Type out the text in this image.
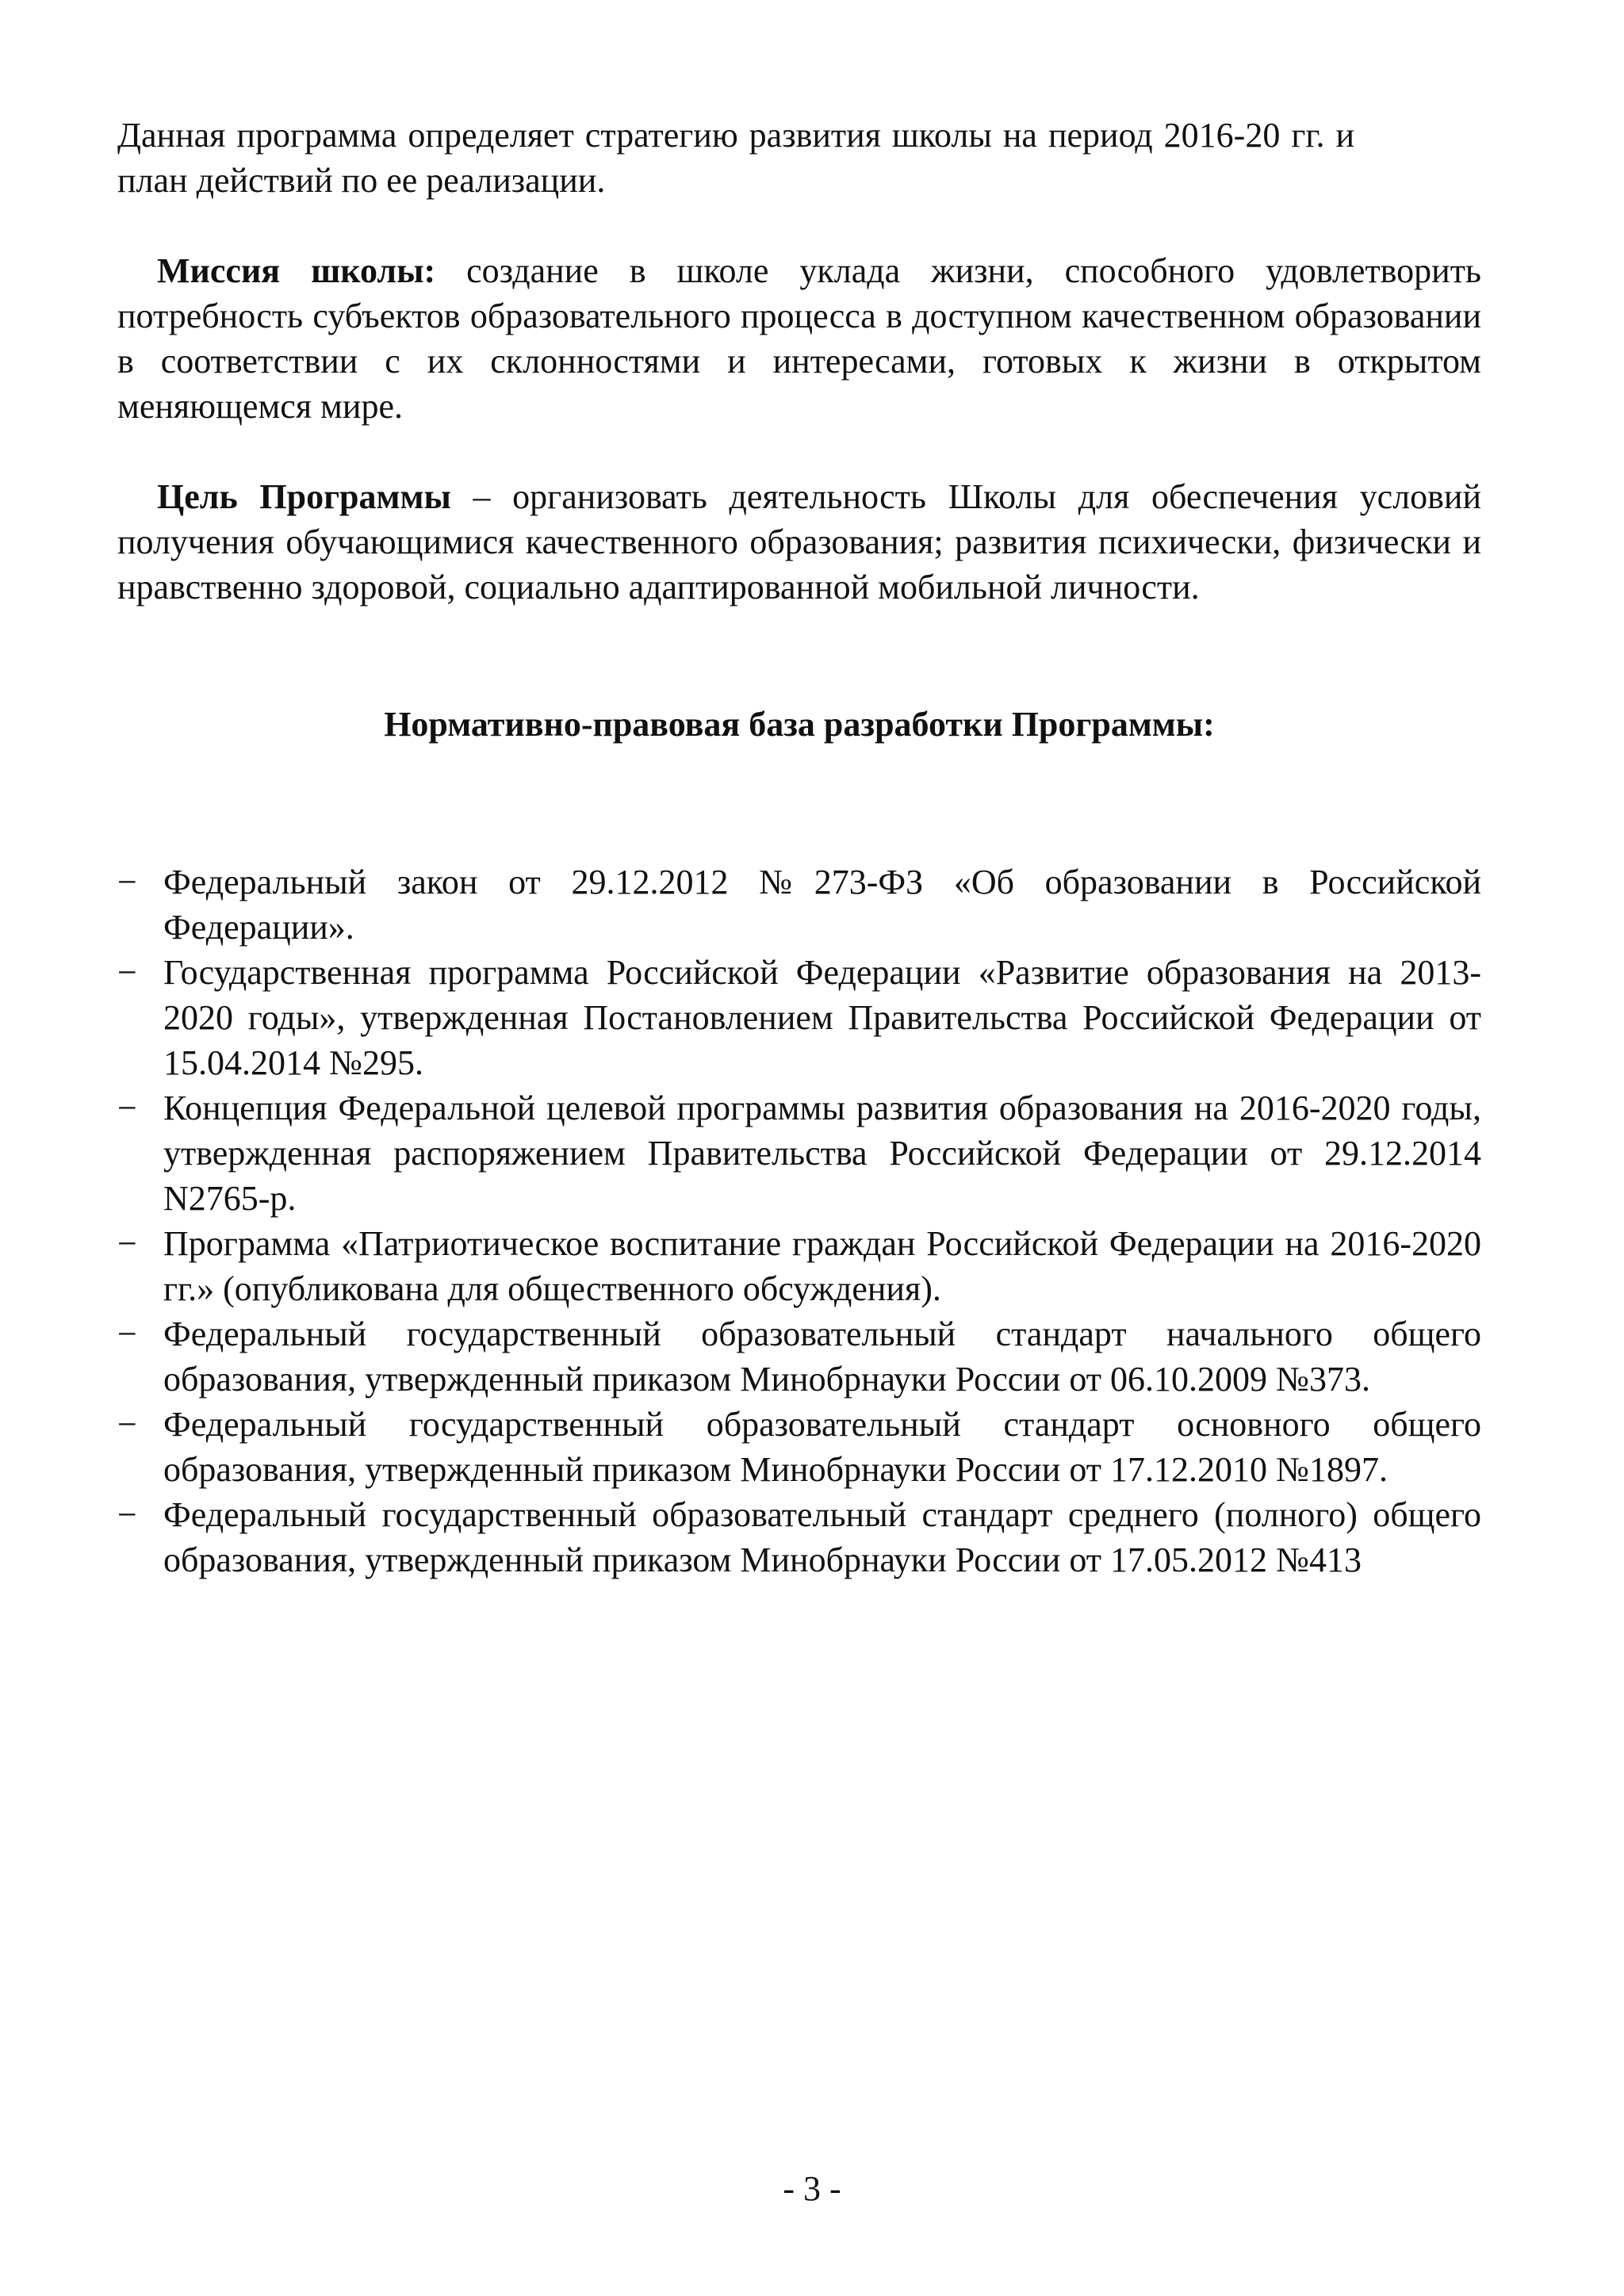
Данная программа определяет стратегию развития школы на период 2016-20 гг. и план действий по ее реализации.

Миссия школы: создание в школе уклада жизни, способного удовлетворить потребность субъектов образовательного процесса в доступном качественном образовании в соответствии с их склонностями и интересами, готовых к жизни в открытом меняющемся мире.

Цель Программы – организовать деятельность Школы для обеспечения условий получения обучающимися качественного образования; развития психически, физически и нравственно здоровой, социально адаптированной мобильной личности.

Нормативно-правовая база разработки Программы:
− Федеральный закон от 29.12.2012 №273-ФЗ «Об образовании в Российской Федерации».
− Государственная программа Российской Федерации «Развитие образования на 2013-2020 годы», утвержденная Постановлением Правительства Российской Федерации от 15.04.2014 №295.
− Концепция Федеральной целевой программы развития образования на 2016-2020 годы, утвержденная распоряжением Правительства Российской Федерации от 29.12.2014 N2765-р.
− Программа «Патриотическое воспитание граждан Российской Федерации на 2016-2020 гг.» (опубликована для общественного обсуждения).
− Федеральный государственный образовательный стандарт начального общего образования, утвержденный приказом Минобрнауки России от 06.10.2009 №373.
− Федеральный государственный образовательный стандарт основного общего образования, утвержденный приказом Минобрнауки России от 17.12.2010 №1897.
− Федеральный государственный образовательный стандарт среднего (полного) общего образования, утвержденный приказом Минобрнауки России от 17.05.2012 №413
- 3 -
